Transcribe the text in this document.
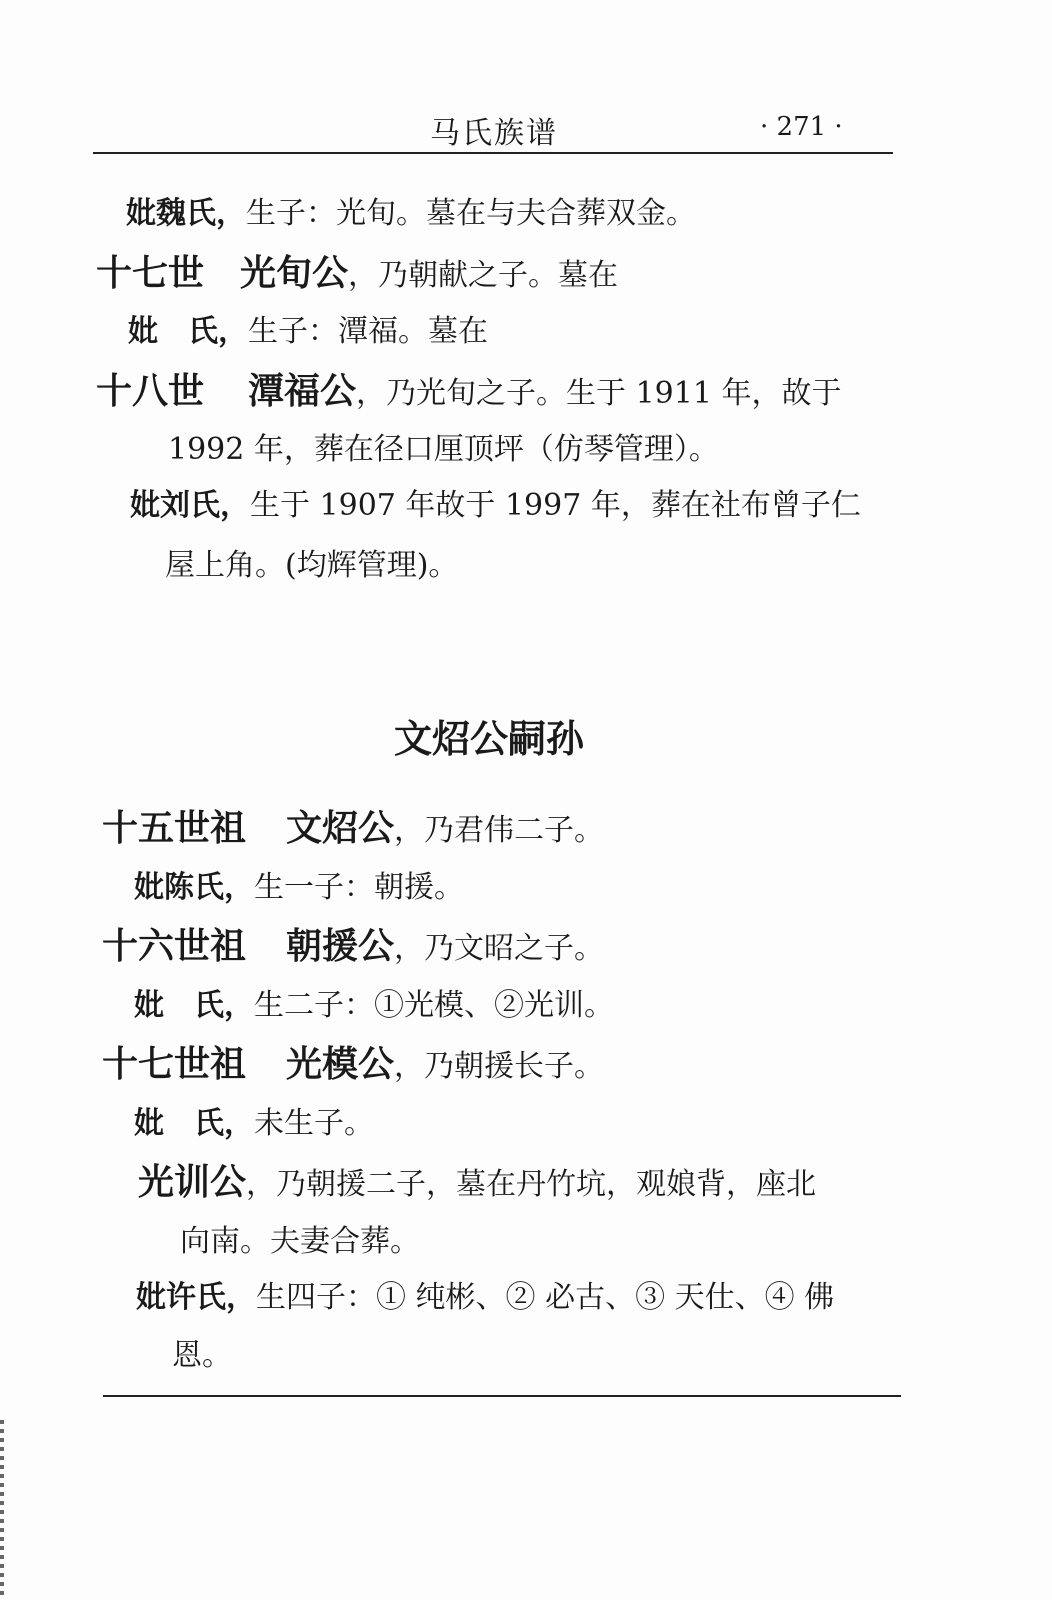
马氏族谱	· 271 ·
妣魏氏，生子：光旬。墓在与夫合葬双金。
十七世 光旬公，乃朝献之子。墓在
妣　氏，生子：潭福。墓在
十八世 潭福公，乃光旬之子。生于 1911 年，故于
1992 年，葬在径口厘顶坪（仿琴管理）。
妣刘氏，生于 1907 年故于 1997 年，葬在社布曾子仁
屋上角。(均辉管理)。
文炤公嗣孙
十五世祖 文炤公，乃君伟二子。
妣陈氏，生一子：朝援。
十六世祖 朝援公，乃文昭之子。
妣　氏，生二子：①光模、②光训。
十七世祖 光模公，乃朝援长子。
妣　氏，未生子。
光训公，乃朝援二子，墓在丹竹坑，观娘背，座北
向南。夫妻合葬。
妣许氏，生四子：① 纯彬、② 必古、③ 天仕、④ 佛
恩。
